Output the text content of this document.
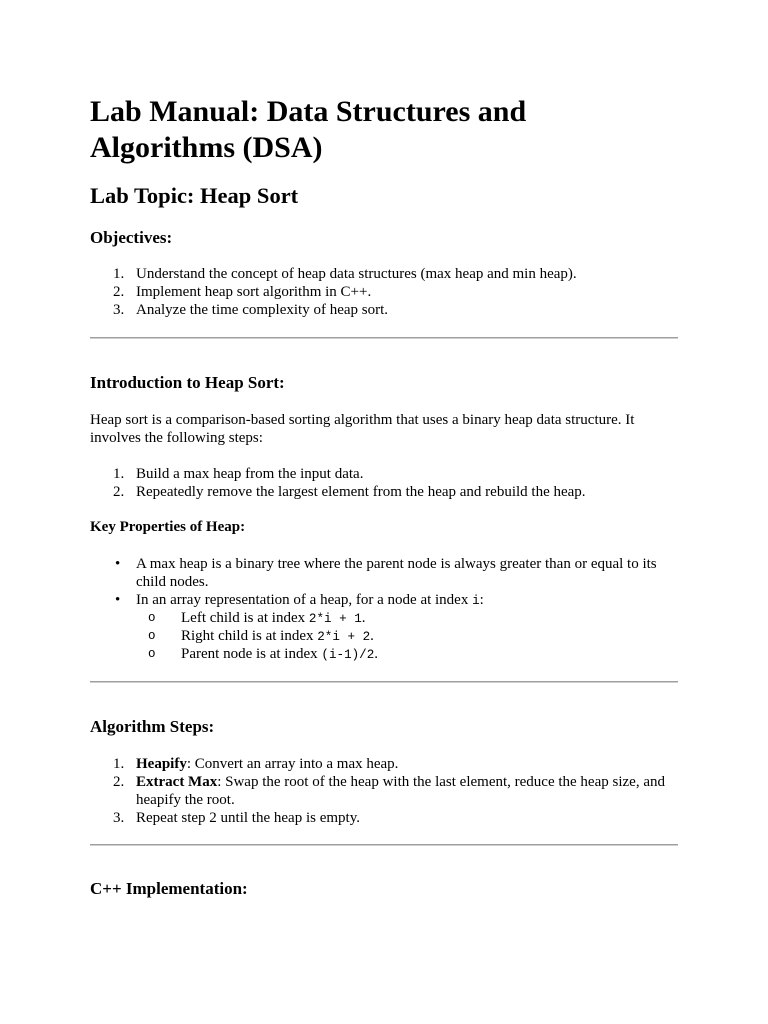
Lab Manual: Data Structures and Algorithms (DSA)
Lab Topic: Heap Sort
Objectives:
Understand the concept of heap data structures (max heap and min heap).
Implement heap sort algorithm in C++.
Analyze the time complexity of heap sort.
Introduction to Heap Sort:

Heap sort is a comparison-based sorting algorithm that uses a binary heap data structure. It involves the following steps:

Build a max heap from the input data.
Repeatedly remove the largest element from the heap and rebuild the heap.
Key Properties of Heap:
• A max heap is a binary tree where the parent node is always greater than or equal to its child nodes.
• In an array representation of a heap, for a node at index i:
o Left child is at index 2*i + 1.
o Right child is at index 2*i + 2.
o Parent node is at index (i-1)/2.
Algorithm Steps:
Heapify: Convert an array into a max heap.
Extract Max: Swap the root of the heap with the last element, reduce the heap size, and heapify the root.
Repeat step 2 until the heap is empty.
C++ Implementation:
